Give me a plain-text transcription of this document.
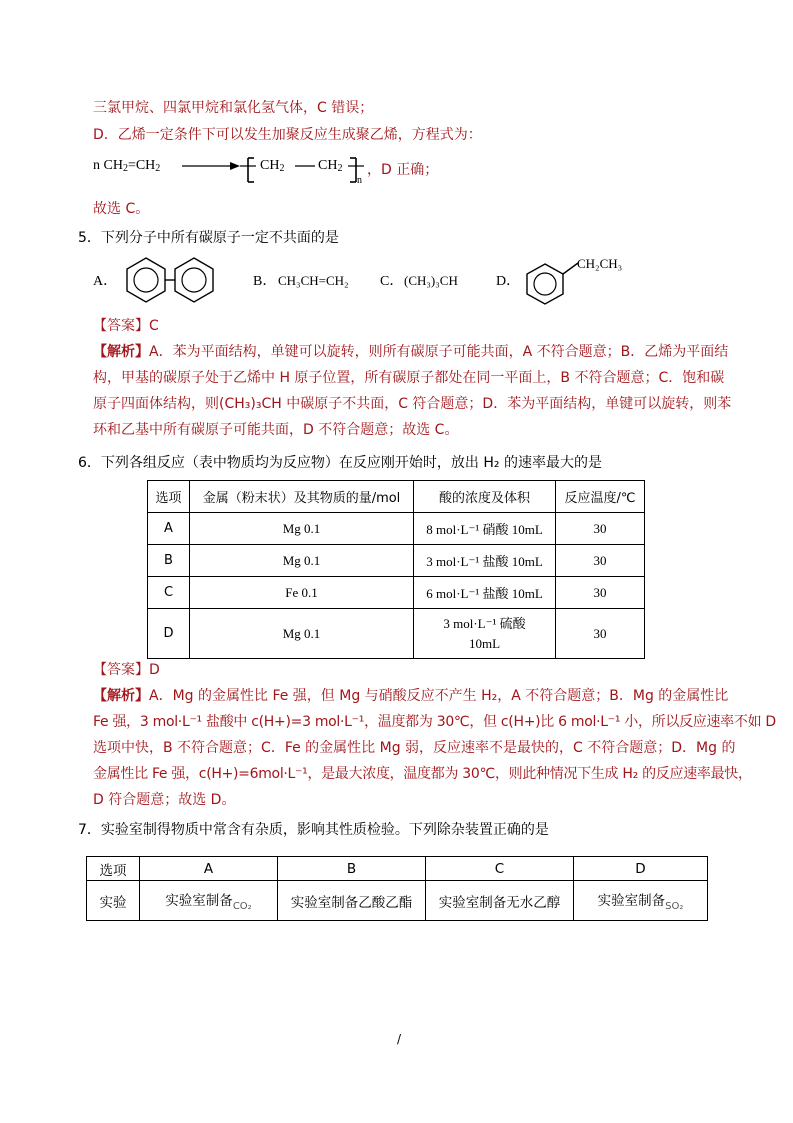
三氯甲烷、四氯甲烷和氯化氢气体，C 错误；
D．乙烯一定条件下可以发生加聚反应生成聚乙烯，方程式为：
n $CH_2=CH_2$	$CH_2$ $CH_2$
n
，D 正确；
故选 C。
5．下列分子中所有碳原子一定不共面的是
A．	B． CH₃CH=CH₂ C． (CH₃)₃CH	D．
CH₂CH₃
【答案】C
【解析】A．苯为平面结构，单键可以旋转，则所有碳原子可能共面，A 不符合题意；B．乙烯为平面结
构，甲基的碳原子处于乙烯中 H 原子位置，所有碳原子都处在同一平面上，B 不符合题意；C．饱和碳
原子四面体结构，则(CH₃)₃CH 中碳原子不共面，C 符合题意；D．苯为平面结构，单键可以旋转，则苯
环和乙基中所有碳原子可能共面，D 不符合题意；故选 C。
6．下列各组反应（表中物质均为反应物）在反应刚开始时，放出 H₂ 的速率最大的是
选项	金属（粉末状）及其物质的量/mol	酸的浓度及体积	反应温度/℃
A	Mg 0.1	8 mol·L⁻¹ 硝酸 10mL	30
B	Mg 0.1	3 mol·L⁻¹ 盐酸 10mL	30
C	Fe 0.1	6 mol·L⁻¹ 盐酸 10mL	30
D	Mg 0.1	3 mol·L⁻¹ 硫酸
10mL	30
【答案】D
【解析】A．Mg 的金属性比 Fe 强，但 Mg 与硝酸反应不产生 H₂，A 不符合题意；B．Mg 的金属性比
Fe 强，3 mol·L⁻¹ 盐酸中 c(H+)=3 mol·L⁻¹，温度都为 30℃，但 c(H+)比 6 mol·L⁻¹ 小，所以反应速率不如 D
选项中快，B 不符合题意；C．Fe 的金属性比 Mg 弱，反应速率不是最快的，C 不符合题意；D．Mg 的
金属性比 Fe 强，c(H+)=6mol·L⁻¹，是最大浓度，温度都为 30℃，则此种情况下生成 H₂ 的反应速率最快，
D 符合题意；故选 D。
7．实验室制得物质中常含有杂质，影响其性质检验。下列除杂装置正确的是
选项	A	B	C	D
实验	实验室制备$_{CO_2}$	实验室制备乙酸乙酯	实验室制备无水乙醇	实验室制备$_{SO_2}$
/
